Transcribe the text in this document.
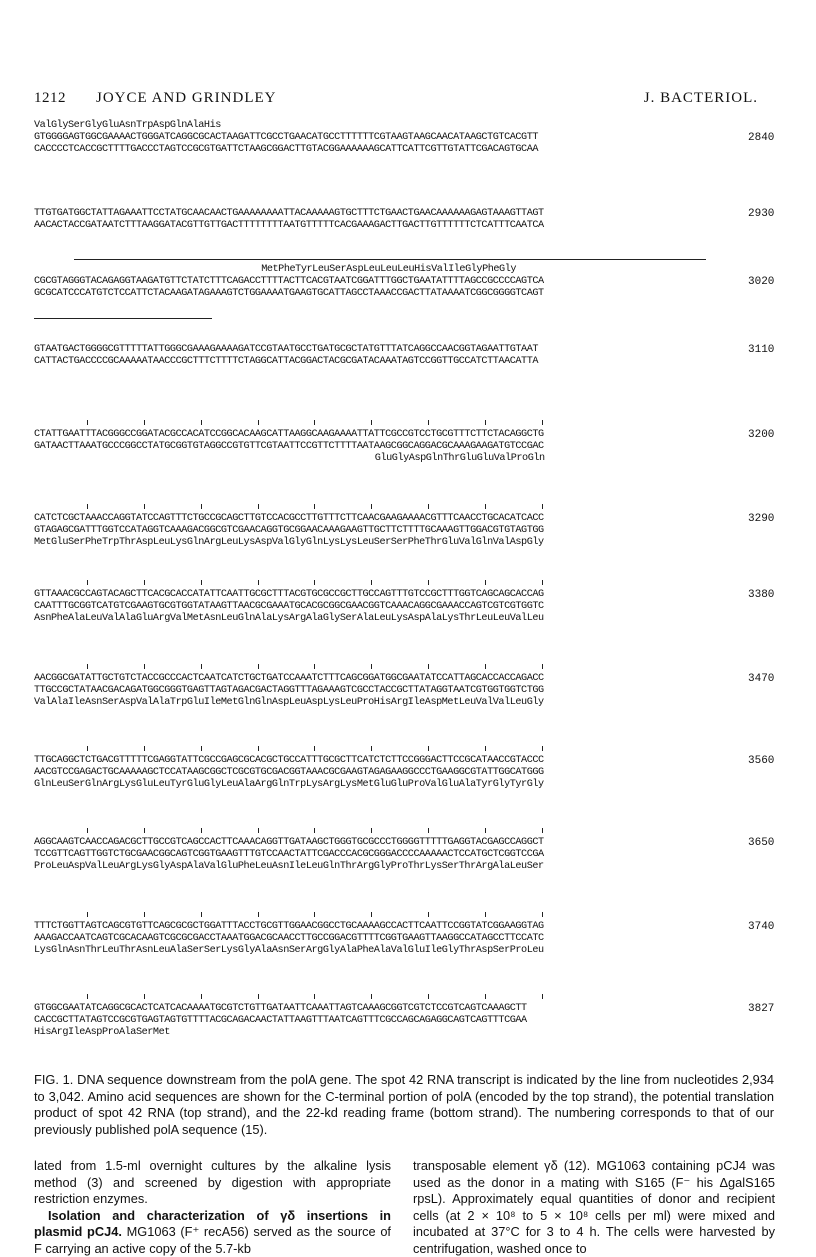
1212 JOYCE AND GRINDLEY	J. BACTERIOL.
ValGlySerGlyGluAsnTrpAspGlnAlaHis
GTGGGGAGTGGCGAAAACTGGGATCAGGCGCACTAAGATTCGCCTGAACATGCCTTTTTTCGTAAGTAAGCAACATAAGCTGTCACGTT
CACCCCTCACCGCTTTTGACCCTAGTCCGCGTGATTCTAAGCGGACTTGTACGGAAAAAAGCATTCATTCGTTGTATTCGACAGTGCAA
2840
TTGTGATGGCTATTAGAAATTCCTATGCAACAACTGAAAAAAAATTACAAAAAGTGCTTTCTGAACTGAACAAAAAAGAGTAAAGTTAGT
AACACTACCGATAATCTTTAAGGATACGTTGTTGACTTTTTTTTAATGTTTTTCACGAAAGACTTGACTTGTTTTTTCTCATTTCAATCA
2930
MetPheTyrLeuSerAspLeuLeuLeuHisValIleGlyPheGly
CGCGTAGGGTACAGAGGTAAGATGTTCTATCTTTCAGACCTTTTACTTCACGTAATCGGATTTGGCTGAATATTTTAGCCGCCCCAGTCA
GCGCATCCCATGTCTCCATTCTACAAGATAGAAAGTCTGGAAAATGAAGTGCATTAGCCTAAACCGACTTATAAAATCGGCGGGGTCAGT
3020
GTAATGACTGGGGCGTTTTTATTGGGCGAAAGAAAAGATCCGTAATGCCTGATGCGCTATGTTTATCAGGCCAACGGTAGAATTGTAAT
CATTACTGACCCCGCAAAAATAACCCGCTTTCTTTTCTAGGCATTACGGACTACGCGATACAAATAGTCCGGTTGCCATCTTAACATTA
3110
CTATTGAATTTACGGGCCGGATACGCCACATCCGGCACAAGCATTAAGGCAAGAAAATTATTCGCCGTCCTGCGTTTCTTCTACAGGCTG
GATAACTTAAATGCCCGGCCTATGCGGTGTAGGCCGTGTTCGTAATTCCGTTCTTTTAATAAGCGGCAGGACGCAAAGAAGATGTCCGAC
GluGlyAspGlnThrGluGluValProGln
3200
CATCTCGCTAAACCAGGTATCCAGTTTCTGCCGCAGCTTGTCCACGCCTTGTTTCTTCAACGAAGAAAACGTTTCAACCTGCACATCACC
GTAGAGCGATTTGGTCCATAGGTCAAAGACGGCGTCGAACAGGTGCGGAACAAAGAAGTTGCTTCTTTTGCAAAGTTGGACGTGTAGTGG
MetGluSerPheTrpThrAspLeuLysGlnArgLeuLysAspValGlyGlnLysLysLeuSerSerPheThrGluValGlnValAspGly
3290
GTTAAACGCCAGTACAGCTTCACGCACCATATTCAATTGCGCTTTACGTGCGCCGCTTGCCAGTTTGTCCGCTTTGGTCAGCAGCACCAG
CAATTTGCGGTCATGTCGAAGTGCGTGGTATAAGTTAACGCGAAATGCACGCGGCGAACGGTCAAACAGGCGAAACCAGTCGTCGTGGTC
AsnPheAlaLeuValAlaGluArgValMetAsnLeuGlnAlaLysArgAlaGlySerAlaLeuLysAspAlaLysThrLeuLeuValLeu
3380
AACGGCGATATTGCTGTCTACCGCCCACTCAATCATCTGCTGATCCAAATCTTTCAGCGGATGGCGAATATCCATTAGCACCACCAGACC
TTGCCGCTATAACGACAGATGGCGGGTGAGTTAGTAGACGACTAGGTTTAGAAAGTCGCCTACCGCTTATAGGTAATCGTGGTGGTCTGG
ValAlaIleAsnSerAspValAlaTrpGluIleMetGlnGlnAspLeuAspLysLeuProHisArgIleAspMetLeuValValLeuGly
3470
TTGCAGGCTCTGACGTTTTTCGAGGTATTCGCCGAGCGCACGCTGCCATTTGCGCTTCATCTCTTCCGGGACTTCCGCATAACCGTACCC
AACGTCCGAGACTGCAAAAAGCTCCATAAGCGGCTCGCGTGCGACGGTAAACGCGAAGTAGAGAAGGCCCTGAAGGCGTATTGGCATGGG
GlnLeuSerGlnArgLysGluLeuTyrGluGlyLeuAlaArgGlnTrpLysArgLysMetGluGluProValGluAlaTyrGlyTyrGly
3560
AGGCAAGTCAACCAGACGCTTGCCGTCAGCCACTTCAAACAGGTTGATAAGCTGGGTGCGCCCTGGGGTTTTTGAGGTACGAGCCAGGCT
TCCGTTCAGTTGGTCTGCGAACGGCAGTCGGTGAAGTTTGTCCAACTATTCGACCCACGCGGGACCCCAAAAACTCCATGCTCGGTCCGA
ProLeuAspValLeuArgLysGlyAspAlaValGluPheLeuAsnIleLeuGlnThrArgGlyProThrLysSerThrArgAlaLeuSer
3650
TTTCTGGTTAGTCAGCGTGTTCAGCGCGCTGGATTTACCTGCGTTGGAACGGCCTGCAAAAGCCACTTCAATTCCGGTATCGGAAGGTAG
AAAGACCAATCAGTCGCACAAGTCGCGCGACCTAAATGGACGCAACCTTGCCGGACGTTTTCGGTGAAGTTAAGGCCATAGCCTTCCATC
LysGlnAsnThrLeuThrAsnLeuAlaSerSerLysGlyAlaAsnSerArgGlyAlaPheAlaValGluIleGlyThrAspSerProLeu
3740
GTGGCGAATATCAGGCGCACTCATCACAAAATGCGTCTGTTGATAATTCAAATTAGTCAAAGCGGTCGTCTCCGTCAGTCAAAGCTT
CACCGCTTATAGTCCGCGTGAGTAGTGTTTTACGCAGACAACTATTAAGTTTAATCAGTTTCGCCAGCAGAGGCAGTCAGTTTCGAA
HisArgIleAspProAlaSerMet
3827
FIG. 1. DNA sequence downstream from the polA gene. The spot 42 RNA transcript is indicated by the line from nucleotides 2,934 to 3,042. Amino acid sequences are shown for the C-terminal portion of polA (encoded by the top strand), the potential translation product of spot 42 RNA (top strand), and the 22-kd reading frame (bottom strand). The numbering corresponds to that of our previously published polA sequence (15).

lated from 1.5-ml overnight cultures by the alkaline lysis method (3) and screened by digestion with appropriate restriction enzymes.

Isolation and characterization of γδ insertions in plasmid pCJ4. MG1063 (F⁺ recA56) served as the source of F carrying an active copy of the 5.7-kb

transposable element γδ (12). MG1063 containing pCJ4 was used as the donor in a mating with S165 (F⁻ his ΔgalS165 rpsL). Approximately equal quantities of donor and recipient cells (at 2 × 10⁸ to 5 × 10⁸ cells per ml) were mixed and incubated at 37°C for 3 to 4 h. The cells were harvested by centrifugation, washed once to
